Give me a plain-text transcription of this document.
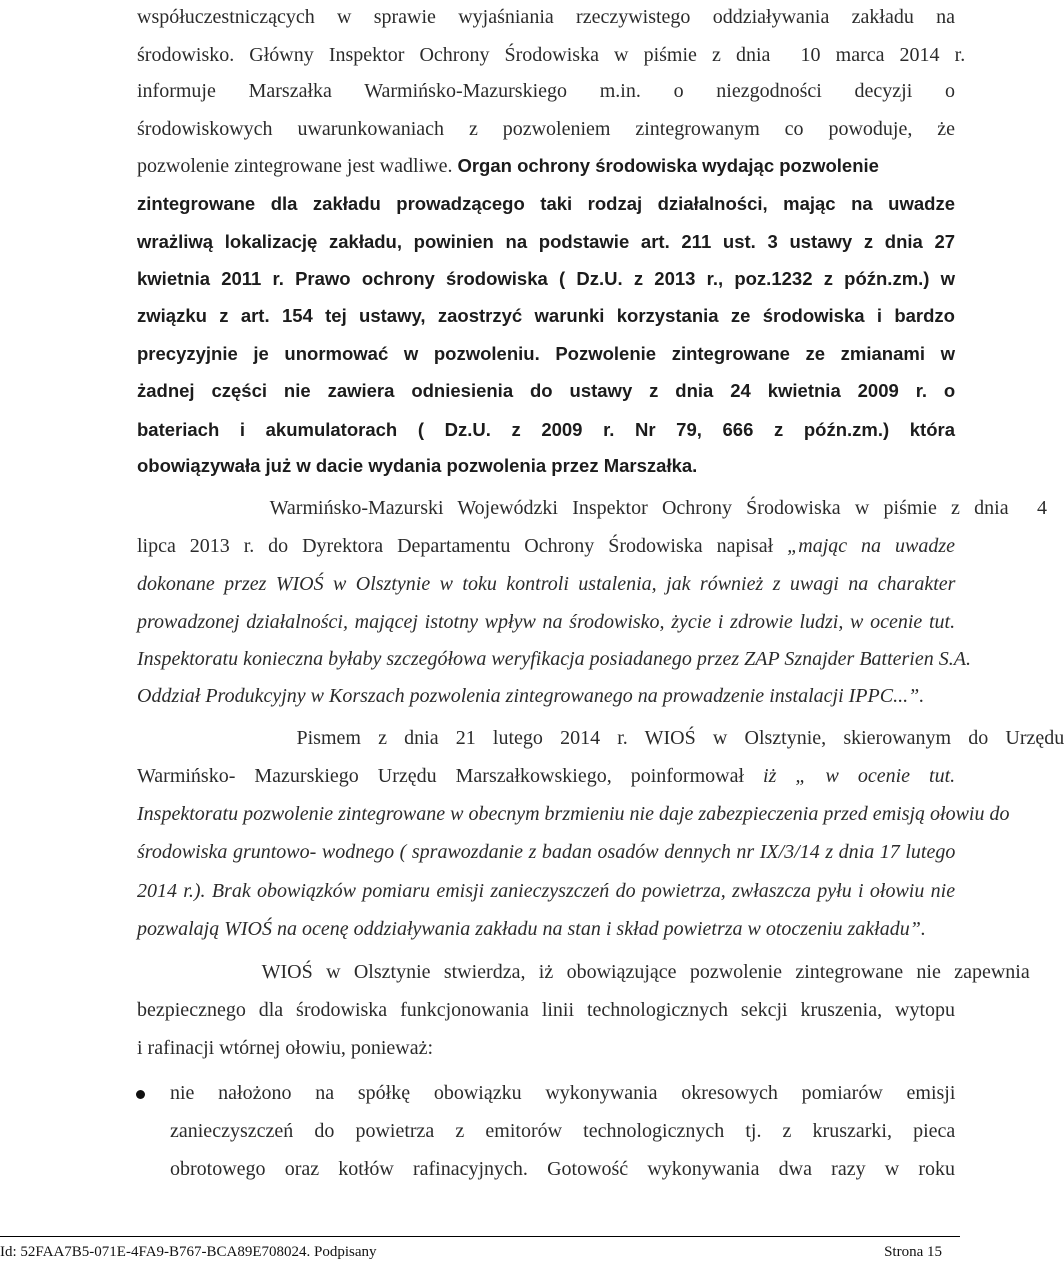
współuczestniczących w sprawie wyjaśniania rzeczywistego oddziaływania zakładu na
środowisko. Główny Inspektor Ochrony Środowiska w piśmie z dnia  10 marca 2014 r.
informuje Marszałka Warmińsko-Mazurskiego m.in. o niezgodności decyzji o
środowiskowych uwarunkowaniach z pozwoleniem zintegrowanym co powoduje, że
pozwolenie zintegrowane jest wadliwe. Organ ochrony środowiska wydając pozwolenie
zintegrowane dla zakładu prowadzącego taki rodzaj działalności, mając na uwadze
wrażliwą lokalizację zakładu, powinien na podstawie art. 211 ust. 3 ustawy z dnia 27
kwietnia 2011 r. Prawo ochrony środowiska ( Dz.U. z 2013 r., poz.1232 z późn.zm.) w
związku z art. 154 tej ustawy, zaostrzyć warunki korzystania ze środowiska i bardzo
precyzyjnie je unormować w pozwoleniu. Pozwolenie zintegrowane ze zmianami w
żadnej części nie zawiera odniesienia do ustawy z dnia 24 kwietnia 2009 r. o
bateriach i akumulatorach ( Dz.U. z 2009 r. Nr 79, 666 z późn.zm.) która
obowiązywała już w dacie wydania pozwolenia przez Marszałka.
Warmińsko-Mazurski Wojewódzki Inspektor Ochrony Środowiska w piśmie z dnia  4
lipca 2013 r. do Dyrektora Departamentu Ochrony Środowiska napisał „mając na uwadze
dokonane przez WIOŚ w Olsztynie w toku kontroli ustalenia, jak również z uwagi na charakter
prowadzonej działalności, mającej istotny wpływ na środowisko, życie i zdrowie ludzi, w ocenie tut.
Inspektoratu konieczna byłaby szczegółowa weryfikacja posiadanego przez ZAP Sznajder Batterien S.A.
Oddział Produkcyjny w Korszach pozwolenia zintegrowanego na prowadzenie instalacji IPPC...”.
Pismem z dnia 21 lutego 2014 r. WIOŚ w Olsztynie, skierowanym do Urzędu
Warmińsko- Mazurskiego Urzędu Marszałkowskiego, poinformował iż „ w ocenie tut.
Inspektoratu pozwolenie zintegrowane w obecnym brzmieniu nie daje zabezpieczenia przed emisją ołowiu do
środowiska gruntowo- wodnego ( sprawozdanie z badan osadów dennych nr IX/3/14 z dnia 17 lutego
2014 r.). Brak obowiązków pomiaru emisji zanieczyszczeń do powietrza, zwłaszcza pyłu i ołowiu nie
pozwalają WIOŚ na ocenę oddziaływania zakładu na stan i skład powietrza w otoczeniu zakładu”.
WIOŚ w Olsztynie stwierdza, iż obowiązujące pozwolenie zintegrowane nie zapewnia
bezpiecznego dla środowiska funkcjonowania linii technologicznych sekcji kruszenia, wytopu
i rafinacji wtórnej ołowiu, ponieważ:
nie nałożono na spółkę obowiązku wykonywania okresowych pomiarów emisji
zanieczyszczeń do powietrza z emitorów technologicznych tj. z kruszarki, pieca
obrotowego oraz kotłów rafinacyjnych. Gotowość wykonywania dwa razy w roku
Id: 52FAA7B5-071E-4FA9-B767-BCA89E708024. Podpisany	Strona 15
